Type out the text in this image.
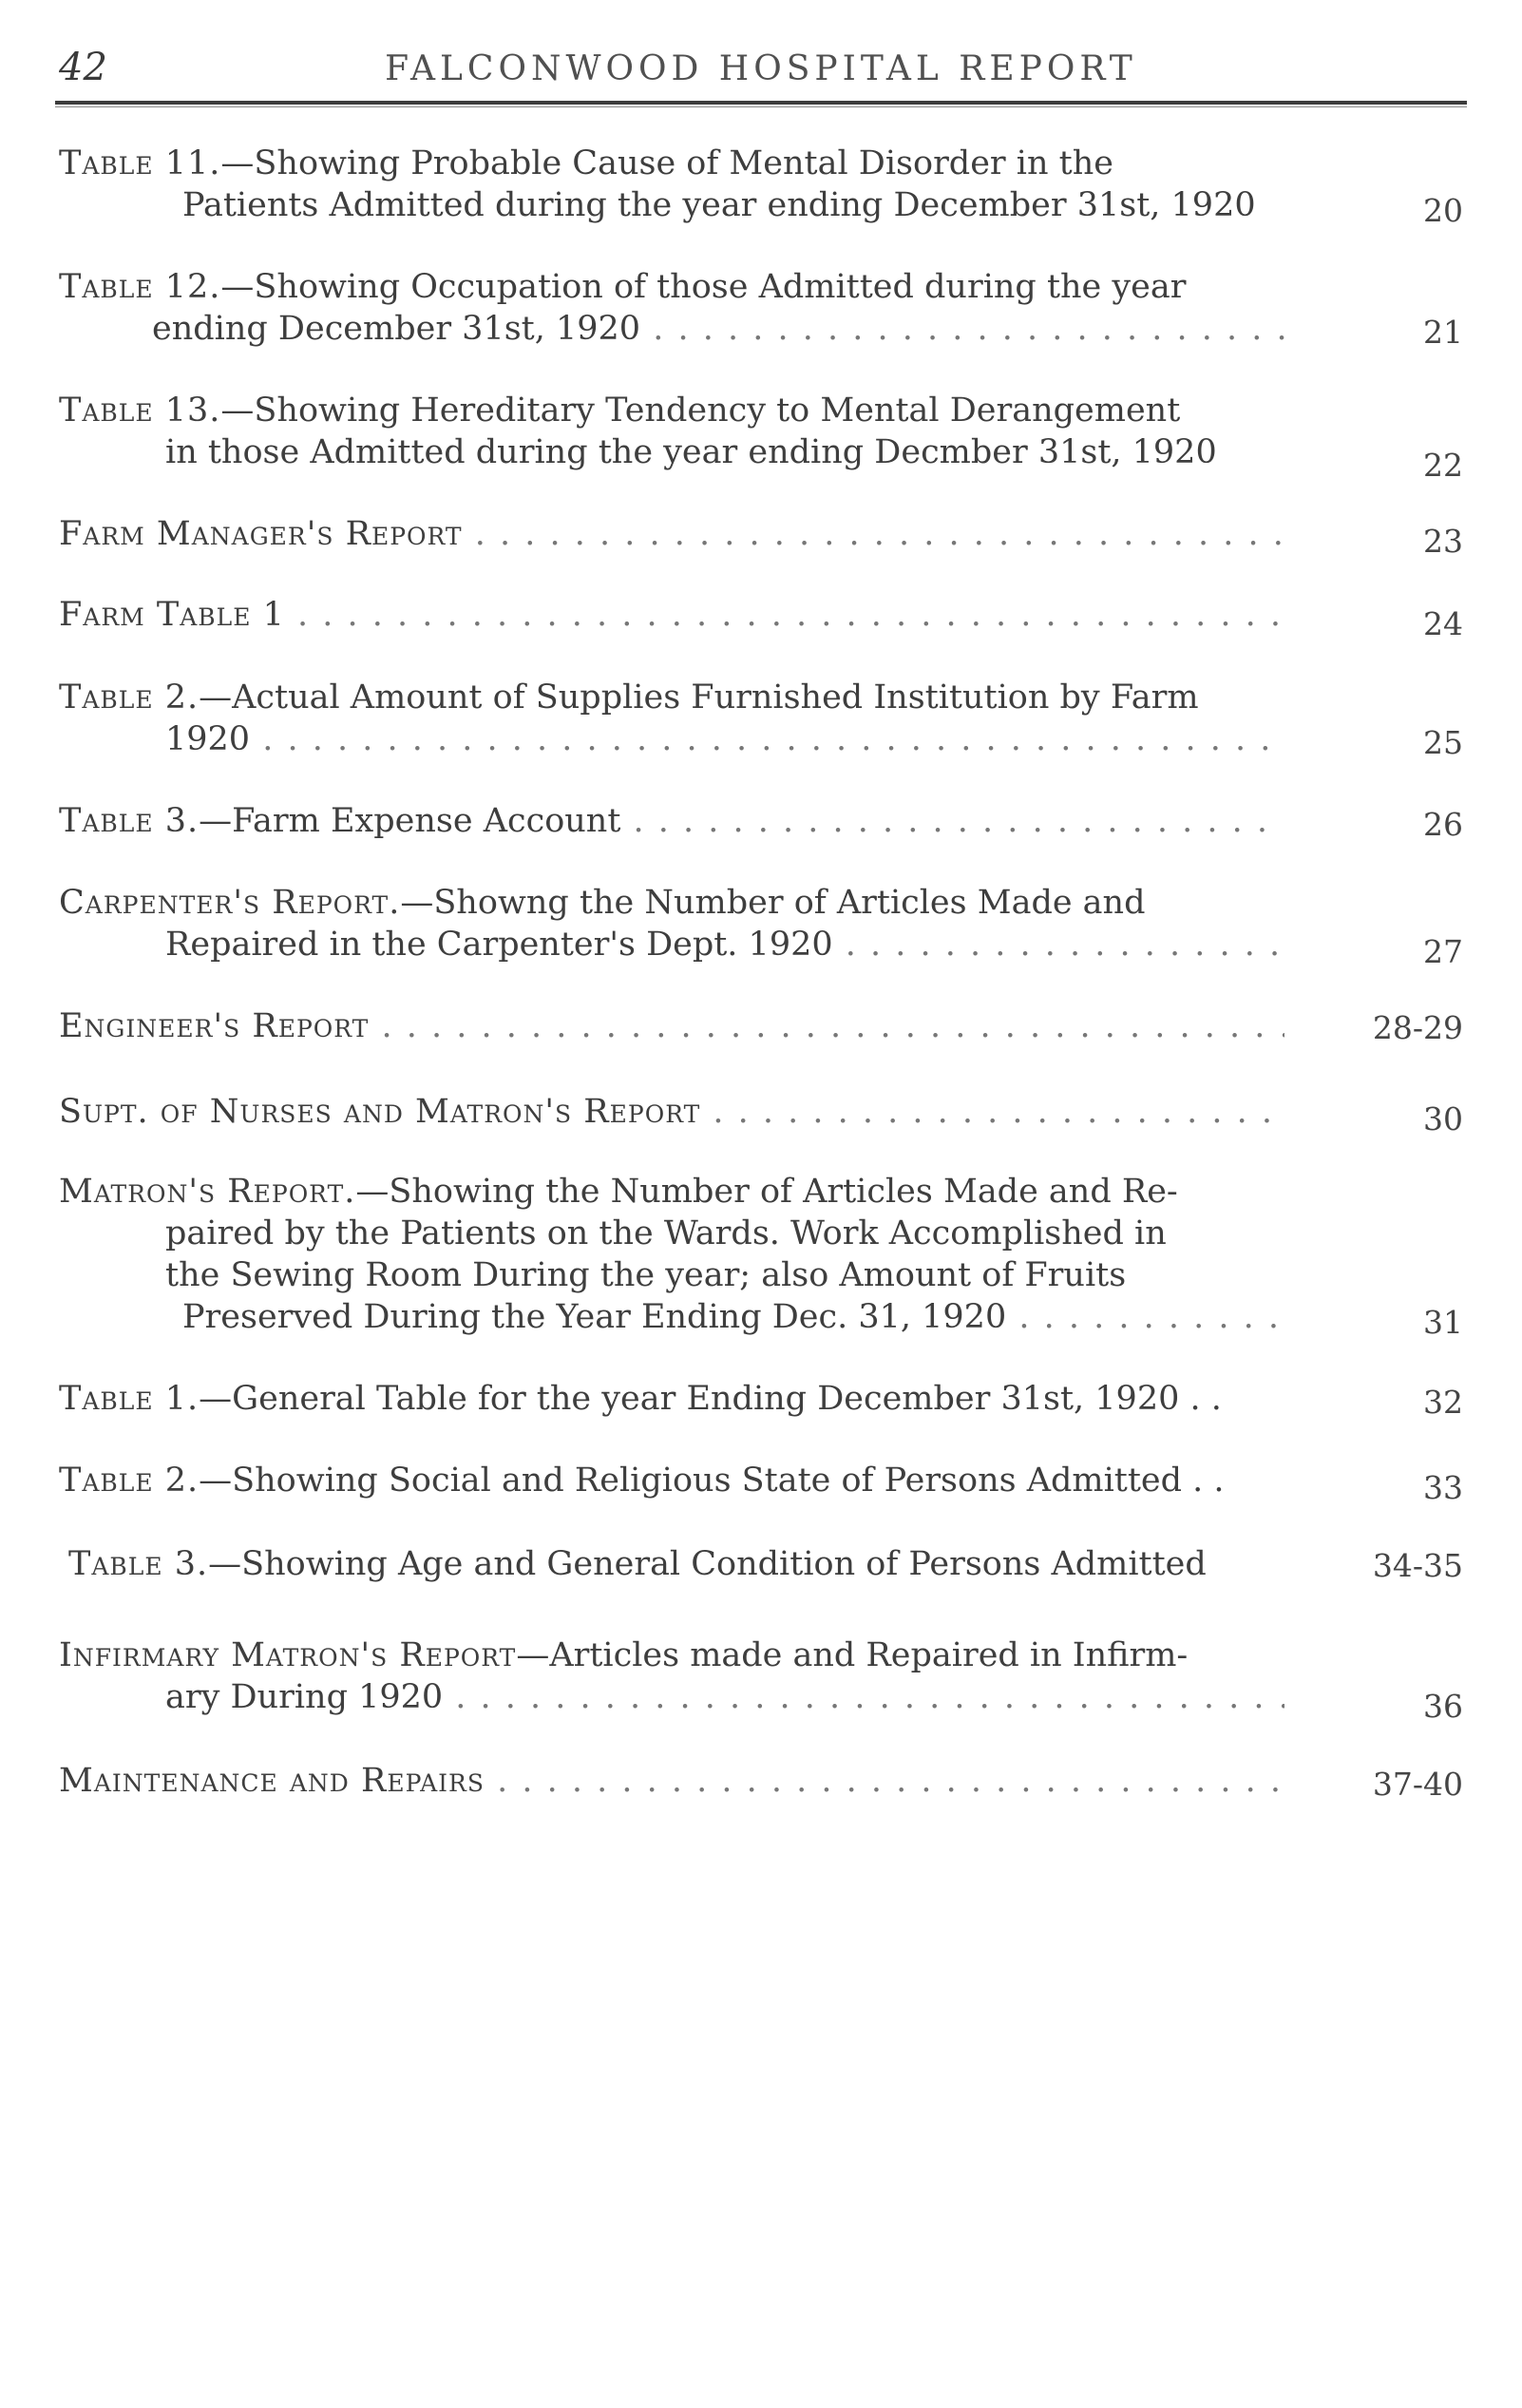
42	FALCONWOOD HOSPITAL REPORT
Table 11.—Showing Probable Cause of Mental Disorder in the
Patients Admitted during the year ending December 31st, 1920	20
Table 12.—Showing Occupation of those Admitted during the year
ending December 31st, 1920 . . .	21
Table 13.—Showing Hereditary Tendency to Mental Derangement
in those Admitted during the year ending Decmber 31st, 1920	22
Farm Manager's Report . . .	23
Farm Table 1 . . .	24
Table 2.—Actual Amount of Supplies Furnished Institution by Farm
1920 . . .	25
Table 3.—Farm Expense Account . . .	26
Carpenter's Report.—Showng the Number of Articles Made and
Repaired in the Carpenter's Dept. 1920 . . .	27
Engineer's Report . . .	28-29
Supt. of Nurses and Matron's Report . . .	30
Matron's Report.—Showing the Number of Articles Made and Re-
paired by the Patients on the Wards. Work Accomplished in
the Sewing Room During the year; also Amount of Fruits
Preserved During the Year Ending Dec. 31, 1920 . . .	31
Table 1.—General Table for the year Ending December 31st, 1920 . .	32
Table 2.—Showing Social and Religious State of Persons Admitted . .	33
Table 3.—Showing Age and General Condition of Persons Admitted	34-35
Infirmary Matron's Report—Articles made and Repaired in Infirm-
ary During 1920 . . .	36
Maintenance and Repairs . . .	37-40
